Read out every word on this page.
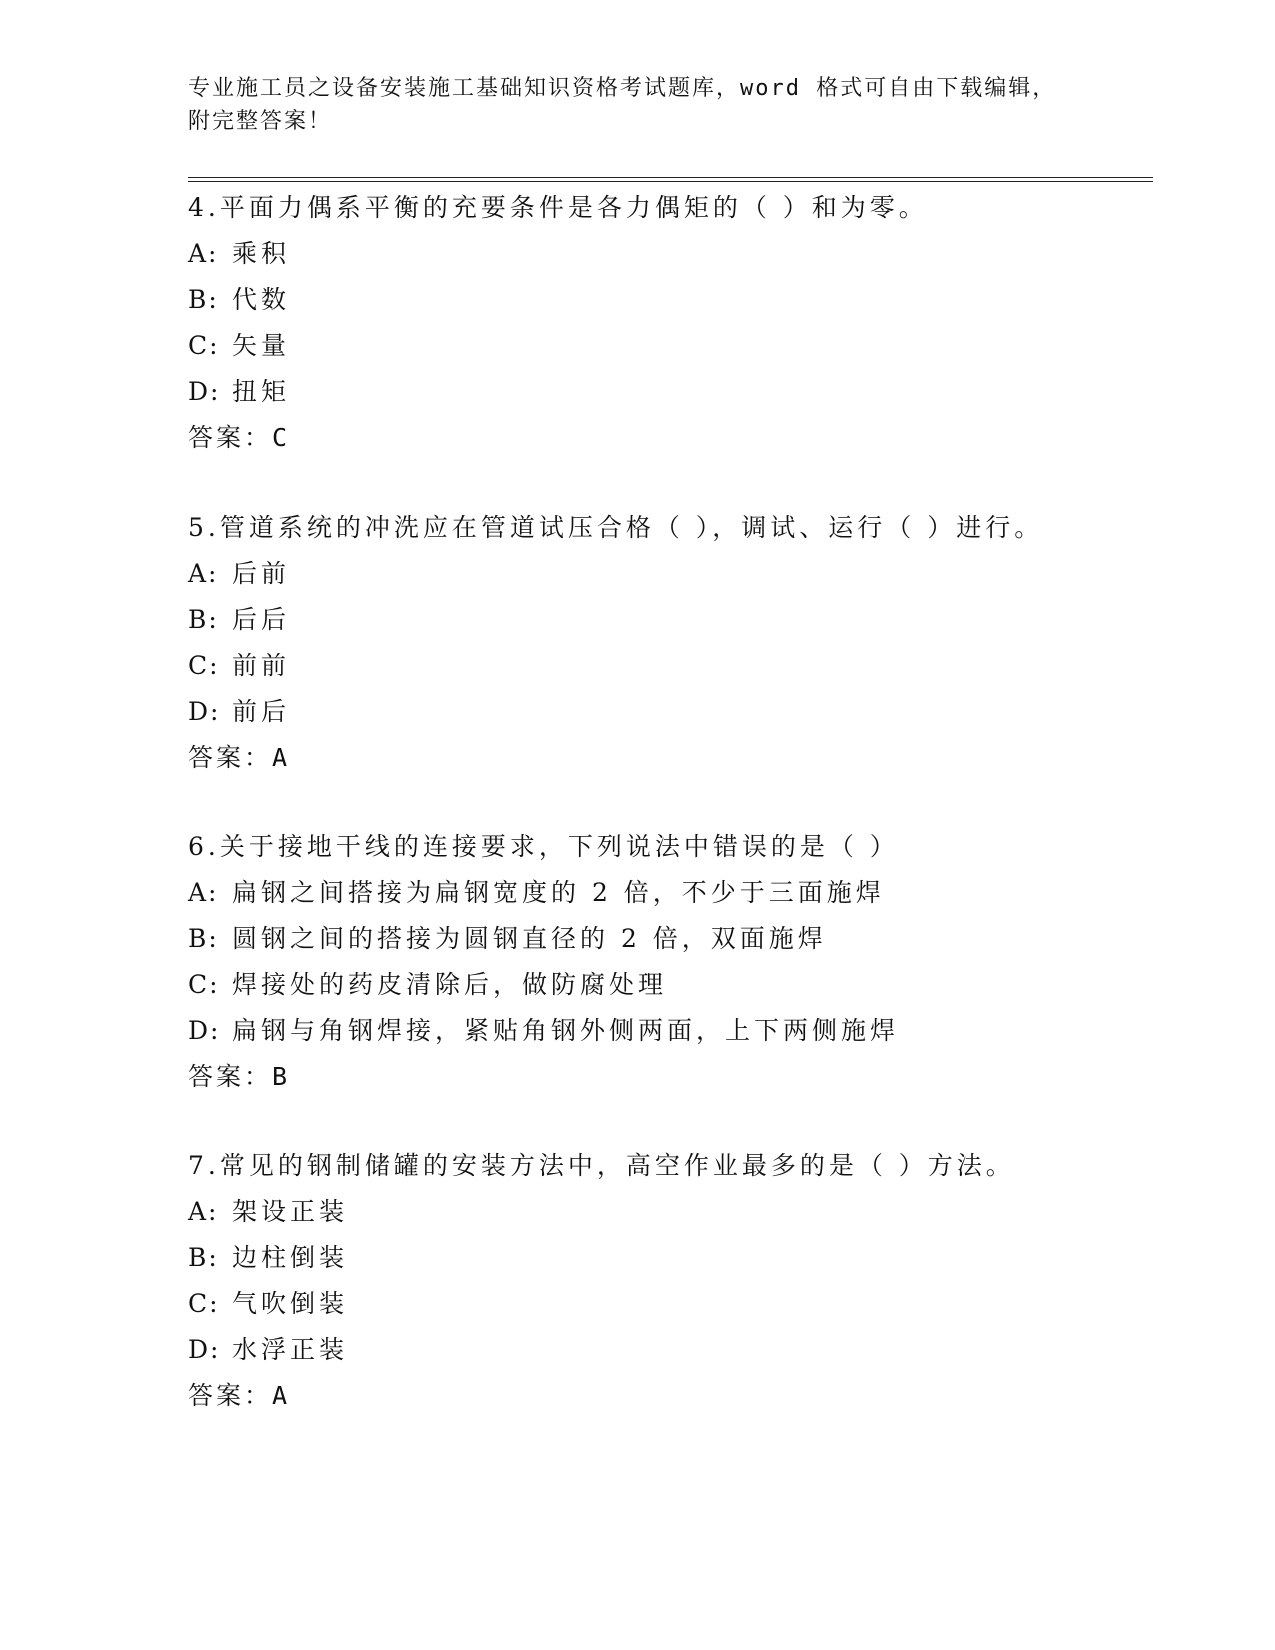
专业施工员之设备安装施工基础知识资格考试题库，word 格式可自由下载编辑，
附完整答案！
4.平面力偶系平衡的充要条件是各力偶矩的（ ）和为零。
A: 乘积
B: 代数
C: 矢量
D: 扭矩
答案：C
5.管道系统的冲洗应在管道试压合格（ ），调试、运行（ ）进行。
A: 后前
B: 后后
C: 前前
D: 前后
答案：A
6.关于接地干线的连接要求，下列说法中错误的是（ ）
A: 扁钢之间搭接为扁钢宽度的 2 倍，不少于三面施焊
B: 圆钢之间的搭接为圆钢直径的 2 倍，双面施焊
C: 焊接处的药皮清除后，做防腐处理
D: 扁钢与角钢焊接，紧贴角钢外侧两面，上下两侧施焊
答案：B
7.常见的钢制储罐的安装方法中，高空作业最多的是（ ）方法。
A: 架设正装
B: 边柱倒装
C: 气吹倒装
D: 水浮正装
答案：A
